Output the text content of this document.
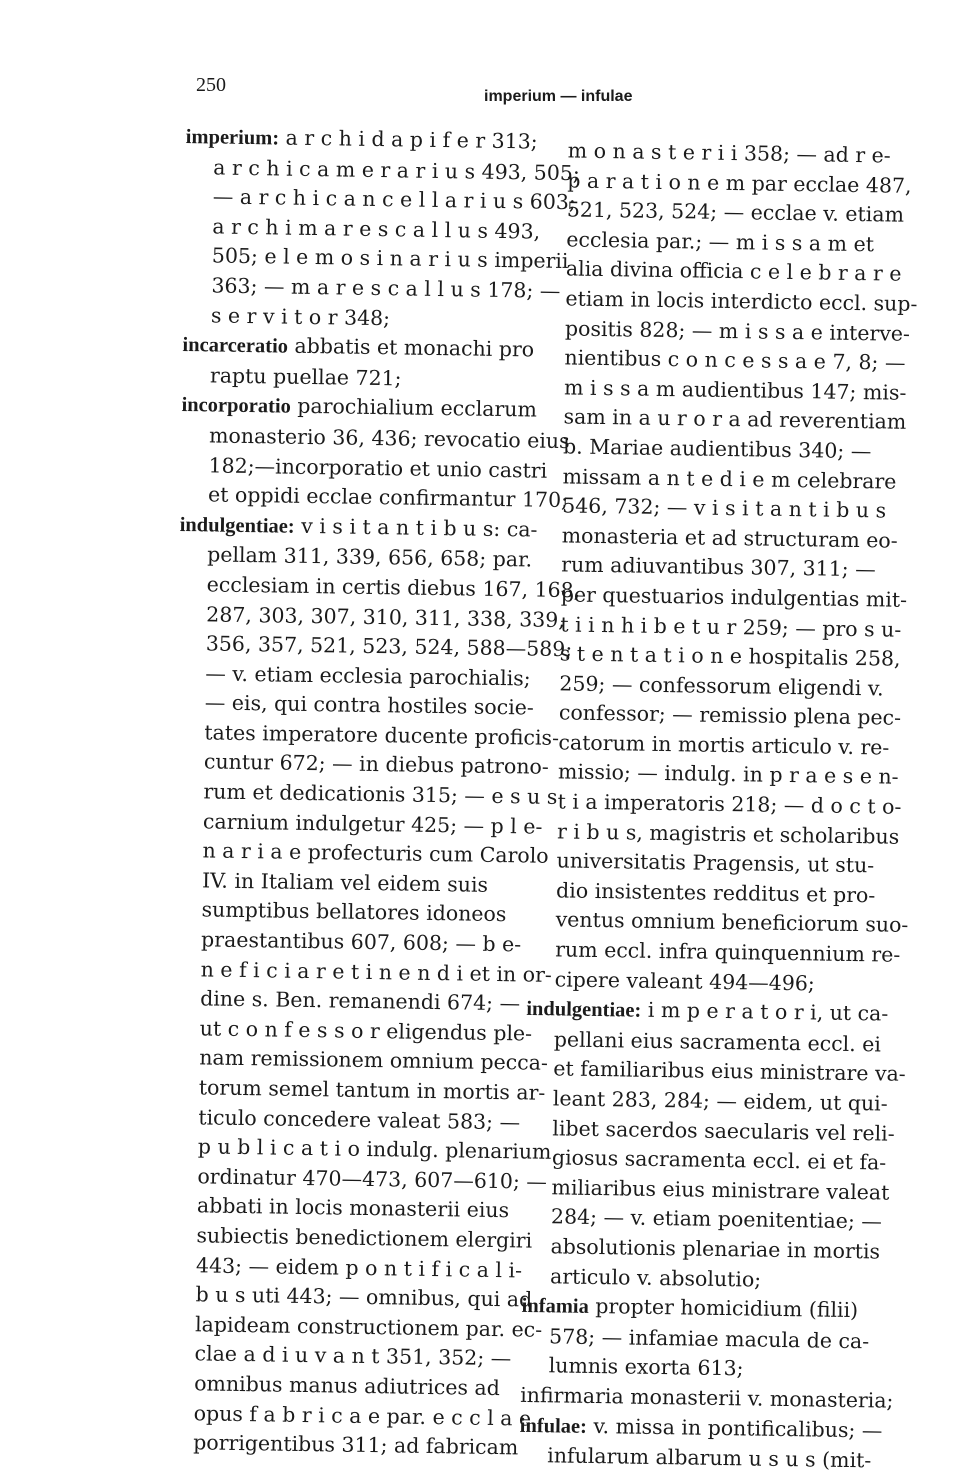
250
imperium — infulae
imperium: a r c h i d a p i f e r 313;
a r c h i c a m e r a r i u s 493, 505;
— a r c h i c a n c e l l a r i u s 603;
a r c h i m a r e s c a l l u s 493,
505; e l e m o s i n a r i u s imperii
363; — m a r e s c a l l u s 178; —
s e r v i t o r 348;
incarceratio abbatis et monachi pro
raptu puellae 721;
incorporatio parochialium ecclarum
monasterio 36, 436; revocatio eius
182;—incorporatio et unio castri
et oppidi ecclae confirmantur 170;
indulgentiae: v i s i t a n t i b u s: ca-
pellam 311, 339, 656, 658; par.
ecclesiam in certis diebus 167, 168,
287, 303, 307, 310, 311, 338, 339,
356, 357, 521, 523, 524, 588—589;
— v. etiam ecclesia parochialis;
— eis, qui contra hostiles socie-
tates imperatore ducente proficis-
cuntur 672; — in diebus patrono-
rum et dedicationis 315; — e s u s
carnium indulgetur 425; — p l e-
n a r i a e profecturis cum Carolo
IV. in Italiam vel eidem suis
sumptibus bellatores idoneos
praestantibus 607, 608; — b e-
n e f i c i a r e t i n e n d i et in or-
dine s. Ben. remanendi 674; —
ut c o n f e s s o r eligendus ple-
nam remissionem omnium pecca-
torum semel tantum in mortis ar-
ticulo concedere valeat 583; —
p u b l i c a t i o indulg. plenarium
ordinatur 470—473, 607—610; —
abbati in locis monasterii eius
subiectis benedictionem elergiri
443; — eidem p o n t i f i c a l i-
b u s uti 443; — omnibus, qui ad
lapideam constructionem par. ec-
clae a d i u v a n t 351, 352; —
omnibus manus adiutrices ad
opus f a b r i c a e par. e c c l a e
porrigentibus 311; ad fabricam
m o n a s t e r i i 358; — ad r e-
p a r a t i o n e m par ecclae 487,
521, 523, 524; — ecclae v. etiam
ecclesia par.; — m i s s a m et
alia divina officia c e l e b r a r e
etiam in locis interdicto eccl. sup-
positis 828; — m i s s a e interve-
nientibus c o n c e s s a e 7, 8; —
m i s s a m audientibus 147; mis-
sam in a u r o r a ad reverentiam
b. Mariae audientibus 340; —
missam a n t e d i e m celebrare
546, 732; — v i s i t a n t i b u s
monasteria et ad structuram eo-
rum adiuvantibus 307, 311; —
per questuarios indulgentias mit-
t i i n h i b e t u r 259; — pro s u-
s t e n t a t i o n e hospitalis 258,
259; — confessorum eligendi v.
confessor; — remissio plena pec-
catorum in mortis articulo v. re-
missio; — indulg. in p r a e s e n-
t i a imperatoris 218; — d o c t o-
r i b u s, magistris et scholaribus
universitatis Pragensis, ut stu-
dio insistentes redditus et pro-
ventus omnium beneficiorum suo-
rum eccl. infra quinquennium re-
cipere valeant 494—496;
indulgentiae: i m p e r a t o r i, ut ca-
pellani eius sacramenta eccl. ei
et familiaribus eius ministrare va-
leant 283, 284; — eidem, ut qui-
libet sacerdos saecularis vel reli-
giosus sacramenta eccl. ei et fa-
miliaribus eius ministrare valeat
284; — v. etiam poenitentiae; —
absolutionis plenariae in mortis
articulo v. absolutio;
infamia propter homicidium (filii)
578; — infamiae macula de ca-
lumnis exorta 613;
infirmaria monasterii v. monasteria;
infulae: v. missa in pontificalibus; —
infularum albarum u s u s (mit-
